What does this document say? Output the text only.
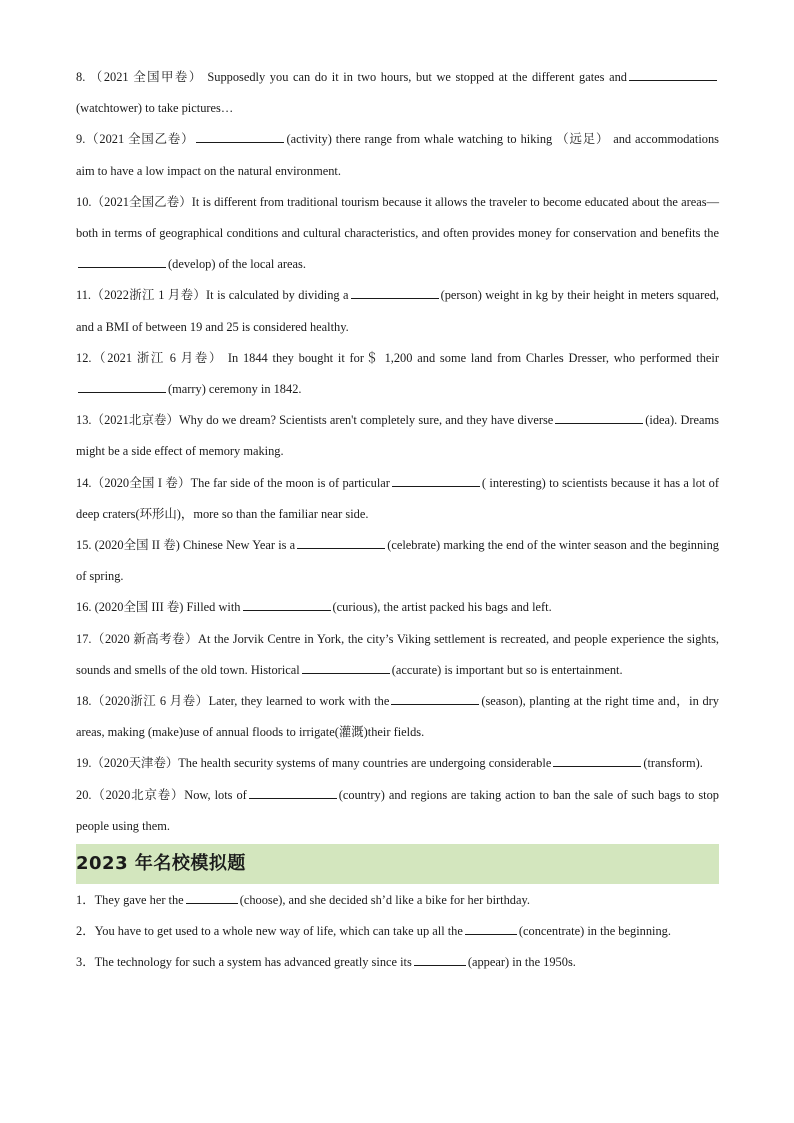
8. （2021 全国甲卷） Supposedly you can do it in two hours, but we stopped at the different gates and(watchtower) to take pictures…

9.（2021 全国乙卷）	(activity) there range from whale watching to hiking （远足） and accommodations aim to have a low impact on the natural environment.

10.（2021全国乙卷）It is different from traditional tourism because it allows the traveler to become educated about the areas—both in terms of geographical conditions and cultural characteristics, and often provides money for conservation and benefits the(develop) of the local areas.

11.（2022浙江 1 月卷）It is calculated by dividing a	(person) weight in kg by their height in meters squared, and a BMI of between 19 and 25 is considered healthy.

12.（2021 浙江 6 月卷） In 1844 they bought it for＄ 1,200 and some land from Charles Dresser, who performed their(marry) ceremony in 1842.

13.（2021北京卷）Why do we dream? Scientists aren't completely sure, and they have diverse	(idea). Dreams might be a side effect of memory making.

14.（2020全国 I 卷）The far side of the moon is of particular	( interesting) to scientists because it has a lot of deep craters(环形山)，more so than the familiar near side.

15. (2020全国 II 卷) Chinese New Year is a	(celebrate) marking the end of the winter season and the beginning of spring.

16. (2020全国 III 卷) Filled with	(curious), the artist packed his bags and left.

17.（2020 新高考卷）At the Jorvik Centre in York, the city’s Viking settlement is recreated, and people experience the sights, sounds and smells of the old town. Historical	(accurate) is important but so is entertainment.

18.（2020浙江 6 月卷）Later, they learned to work with the	(season), planting at the right time and，in dry areas, making (make)use of annual floods to irrigate(灌溉)their fields.

19.（2020天津卷）The health security systems of many countries are undergoing considerable	(transform).

20.（2020北京卷）Now, lots of	(country) and regions are taking action to ban the sale of such bags to stop people using them.

2023 年名校模拟题

1．They gave her the	(choose), and she decided sh’d like a bike for her birthday.

2．You have to get used to a whole new way of life, which can take up all the	(concentrate) in the beginning.

3．The technology for such a system has advanced greatly since its	(appear) in the 1950s.
